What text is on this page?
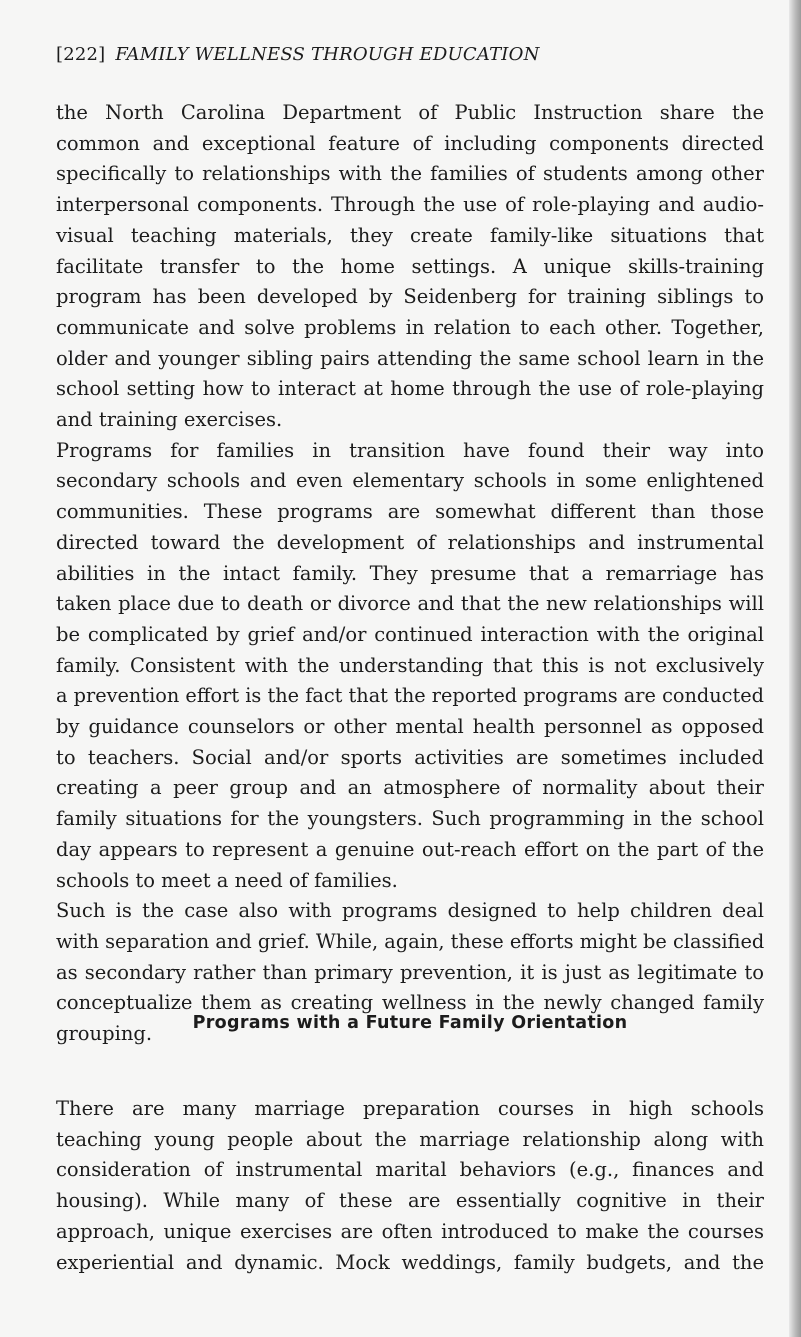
[222] FAMILY WELLNESS THROUGH EDUCATION

the North Carolina Department of Public Instruction share the
common and exceptional feature of including components directed
specifically to relationships with the families of students among other
interpersonal components. Through the use of role-playing and audio-
visual teaching materials, they create family-like situations that
facilitate transfer to the home settings. A unique skills-training
program has been developed by Seidenberg for training siblings to
communicate and solve problems in relation to each other. Together,
older and younger sibling pairs attending the same school learn in the
school setting how to interact at home through the use of role-playing
and training exercises.

Programs for families in transition have found their way into
secondary schools and even elementary schools in some enlightened
communities. These programs are somewhat different than those
directed toward the development of relationships and instrumental
abilities in the intact family. They presume that a remarriage has
taken place due to death or divorce and that the new relationships will
be complicated by grief and/or continued interaction with the original
family. Consistent with the understanding that this is not exclusively
a prevention effort is the fact that the reported programs are conducted
by guidance counselors or other mental health personnel as opposed
to teachers. Social and/or sports activities are sometimes included
creating a peer group and an atmosphere of normality about their
family situations for the youngsters. Such programming in the school
day appears to represent a genuine out-reach effort on the part of the
schools to meet a need of families.

Such is the case also with programs designed to help children deal
with separation and grief. While, again, these efforts might be classified
as secondary rather than primary prevention, it is just as legitimate to
conceptualize them as creating wellness in the newly changed family
grouping.	Programs with a Future Family Orientation

There are many marriage preparation courses in high schools
teaching young people about the marriage relationship along with
consideration of instrumental marital behaviors (e.g., finances and
housing). While many of these are essentially cognitive in their
approach, unique exercises are often introduced to make the courses
experiential and dynamic. Mock weddings, family budgets, and the
